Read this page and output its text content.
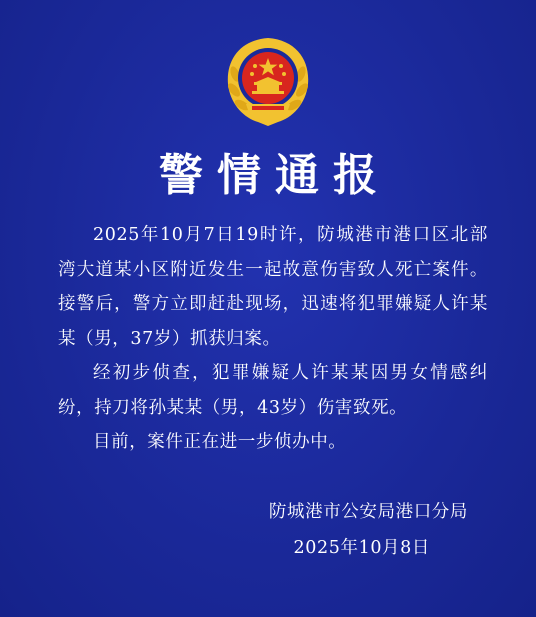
警情通报

2025年10月7日19时许，防城港市港口区北部湾大道某小区附近发生一起故意伤害致人死亡案件。接警后，警方立即赶赴现场，迅速将犯罪嫌疑人许某某（男，37岁）抓获归案。

经初步侦查，犯罪嫌疑人许某某因男女情感纠纷，持刀将孙某某（男，43岁）伤害致死。

目前，案件正在进一步侦办中。

防城港市公安局港口分局
2025年10月8日
